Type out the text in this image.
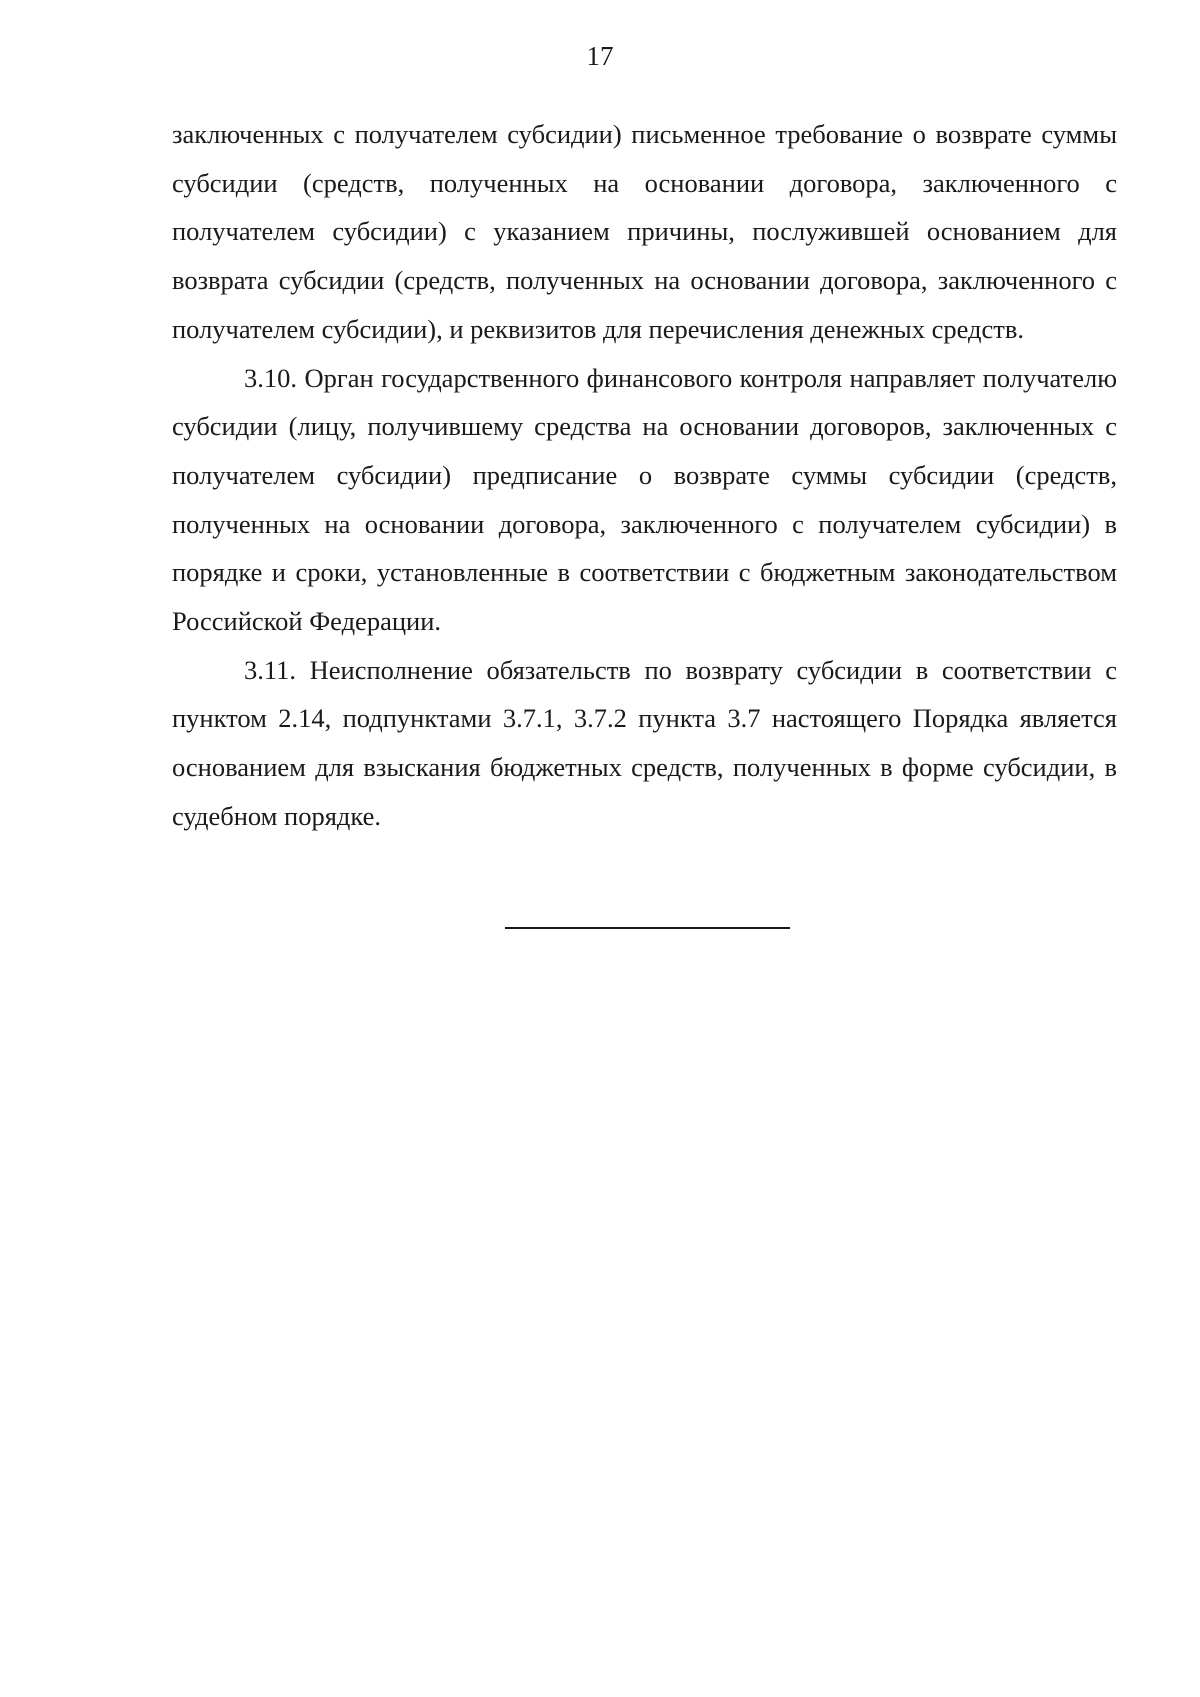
17

заключенных с получателем субсидии) письменное требование о возврате суммы субсидии (средств, полученных на основании договора, заключенного с получателем субсидии) с указанием причины, послужившей основанием для возврата субсидии (средств, полученных на основании договора, заключенного с получателем субсидии), и реквизитов для перечисления денежных средств.

3.10. Орган государственного финансового контроля направляет получателю субсидии (лицу, получившему средства на основании договоров, заключенных с получателем субсидии) предписание о возврате суммы субсидии (средств, полученных на основании договора, заключенного с получателем субсидии) в порядке и сроки, установленные в соответствии с бюджетным законодательством Российской Федерации.

3.11. Неисполнение обязательств по возврату субсидии в соответствии с пунктом 2.14, подпунктами 3.7.1, 3.7.2 пункта 3.7 настоящего Порядка является основанием для взыскания бюджетных средств, полученных в форме субсидии, в судебном порядке.
